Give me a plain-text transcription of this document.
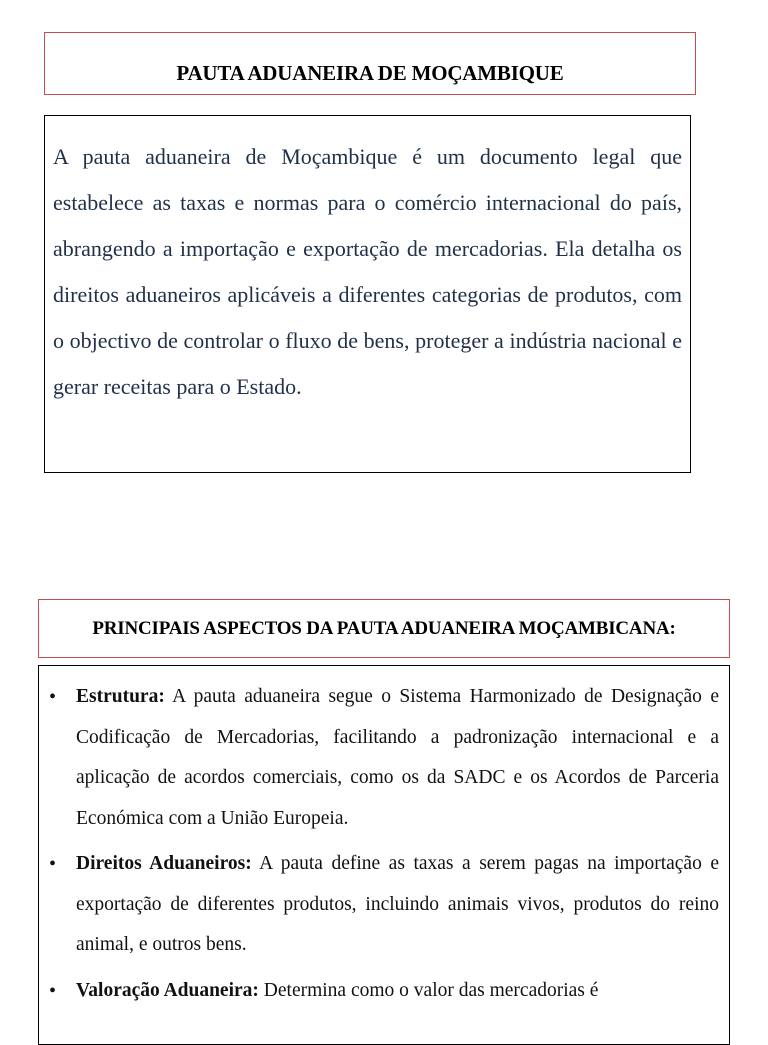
PAUTA ADUANEIRA DE MOÇAMBIQUE

A pauta aduaneira de Moçambique é um documento legal que estabelece as taxas e normas para o comércio internacional do país, abrangendo a importação e exportação de mercadorias. Ela detalha os direitos aduaneiros aplicáveis a diferentes categorias de produtos, com o objectivo de controlar o fluxo de bens, proteger a indústria nacional e gerar receitas para o Estado.

PRINCIPAIS ASPECTOS DA PAUTA ADUANEIRA MOÇAMBICANA:
•	Estrutura: A pauta aduaneira segue o Sistema Harmonizado de Designação e Codificação de Mercadorias, facilitando a padronização internacional e a aplicação de acordos comerciais, como os da SADC e os Acordos de Parceria Económica com a União Europeia.
•	Direitos Aduaneiros: A pauta define as taxas a serem pagas na importação e exportação de diferentes produtos, incluindo animais vivos, produtos do reino animal, e outros bens.
•	Valoração Aduaneira: Determina como o valor das mercadorias é
